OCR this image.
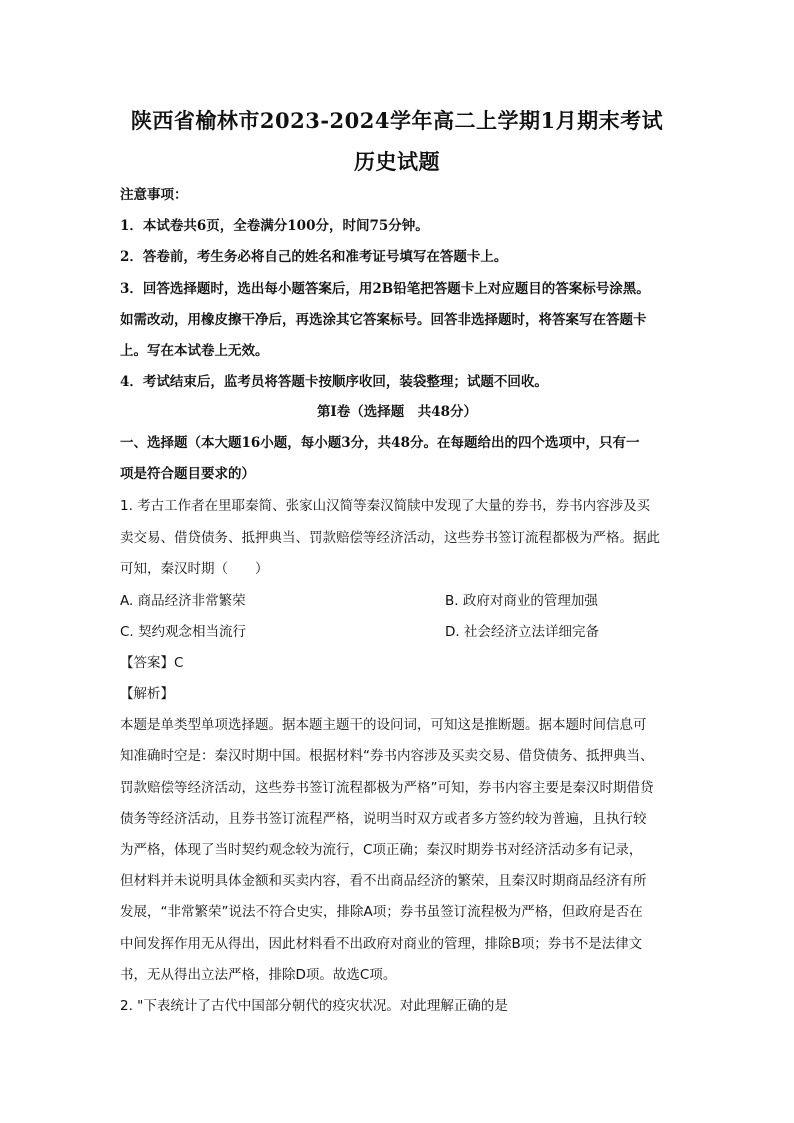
陕西省榆林市2023-2024学年高二上学期1月期末考试
历史试题
注意事项：
1．本试卷共6页，全卷满分100分，时间75分钟。
2．答卷前，考生务必将自己的姓名和准考证号填写在答题卡上。
3．回答选择题时，选出每小题答案后，用2B铅笔把答题卡上对应题目的答案标号涂黑。
如需改动，用橡皮擦干净后，再选涂其它答案标号。回答非选择题时，将答案写在答题卡
上。写在本试卷上无效。
4．考试结束后，监考员将答题卡按顺序收回，装袋整理；试题不回收。
第Ⅰ卷（选择题　共48分）
一、选择题（本大题16小题，每小题3分，共48分。在每题给出的四个选项中，只有一
项是符合题目要求的）
1. 考古工作者在里耶秦简、张家山汉简等秦汉简牍中发现了大量的券书，券书内容涉及买
卖交易、借贷债务、抵押典当、罚款赔偿等经济活动，这些券书签订流程都极为严格。据此
可知，秦汉时期（　　）
A. 商品经济非常繁荣	B. 政府对商业的管理加强
C. 契约观念相当流行	D. 社会经济立法详细完备
【答案】C
【解析】
本题是单类型单项选择题。据本题主题干的设问词，可知这是推断题。据本题时间信息可
知准确时空是：秦汉时期中国。根据材料“券书内容涉及买卖交易、借贷债务、抵押典当、
罚款赔偿等经济活动，这些券书签订流程都极为严格”可知，券书内容主要是秦汉时期借贷
债务等经济活动，且券书签订流程严格，说明当时双方或者多方签约较为普遍，且执行较
为严格，体现了当时契约观念较为流行，C项正确；秦汉时期券书对经济活动多有记录，
但材料并未说明具体金额和买卖内容，看不出商品经济的繁荣，且秦汉时期商品经济有所
发展，“非常繁荣”说法不符合史实，排除A项；券书虽签订流程极为严格，但政府是否在
中间发挥作用无从得出，因此材料看不出政府对商业的管理，排除B项；券书不是法律文
书，无从得出立法严格，排除D项。故选C项。
2. "下表统计了古代中国部分朝代的疫灾状况。对此理解正确的是
